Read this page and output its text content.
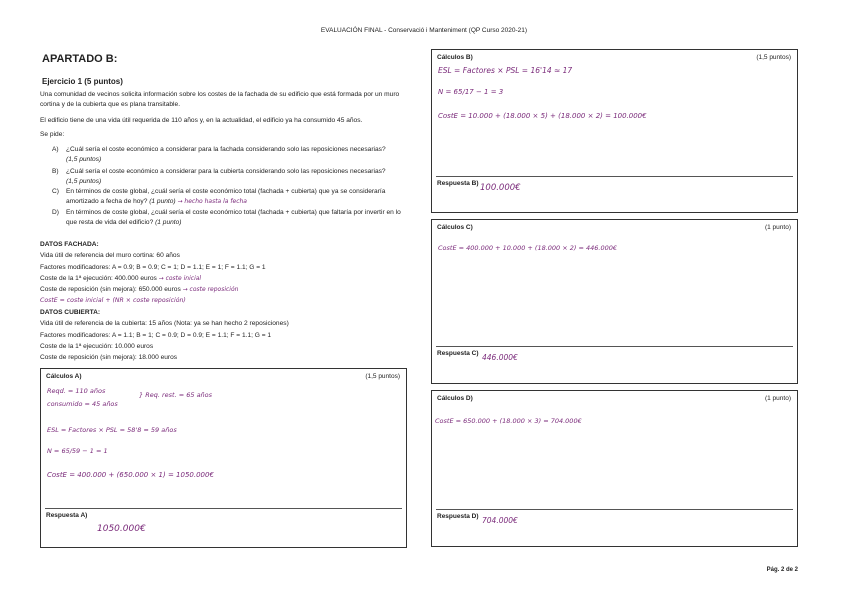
EVALUACIÓN FINAL - Conservació i Manteniment (QP Curso 2020-21)
APARTADO B:
Ejercicio 1 (5 puntos)
Una comunidad de vecinos solicita información sobre los costes de la fachada de su edificio que está formada por un muro cortina y de la cubierta que es plana transitable.
El edificio tiene de una vida útil requerida de 110 años y, en la actualidad, el edificio ya ha consumido 45 años.
Se pide:
A) ¿Cuál sería el coste económico a considerar para la fachada considerando solo las reposiciones necesarias?
(1,5 puntos)
B) ¿Cuál sería el coste económico a considerar para la cubierta considerando solo las reposiciones necesarias?
(1,5 puntos)
C) En términos de coste global, ¿cuál sería el coste económico total (fachada + cubierta) que ya se consideraría amortizado a fecha de hoy? (1 punto) → hecho hasta la fecha
D) En términos de coste global, ¿cuál sería el coste económico total (fachada + cubierta) que faltaría por invertir en lo que resta de vida del edificio? (1 punto)
DATOS FACHADA:
Vida útil de referencia del muro cortina: 60 años
Factores modificadores: A = 0.9; B = 0.9; C = 1; D = 1.1; E = 1; F = 1.1; G = 1
Coste de la 1ª ejecución: 400.000 euros → coste inicial
Coste de reposición (sin mejora): 650.000 euros → coste reposición
CostE = coste inicial + (NR × coste reposición)
DATOS CUBIERTA:
Vida útil de referencia de la cubierta: 15 años (Nota: ya se han hecho 2 reposiciones)
Factores modificadores: A = 1.1; B = 1; C = 0.9; D = 0.9; E = 1.1; F = 1.1; G = 1
Coste de la 1ª ejecución: 10.000 euros
Coste de reposición (sin mejora): 18.000 euros
Cálculos A)	(1,5 puntos)
Reqd. = 110 años
consumido = 45 años
} Req. rest. = 65 años
ESL = Factores × PSL = 58'8 ≈ 59 años
N = 65/59 − 1 = 1
CostE = 400.000 + (650.000 × 1) = 1050.000€
Respuesta A)
1050.000€
Cálculos B)	(1,5 puntos)
ESL = Factores × PSL = 16'14 ≈ 17
N = 65/17 − 1 = 3
CostE = 10.000 + (18.000 × 5) + (18.000 × 2) = 100.000€
Respuesta B) 100.000€
Cálculos C)	(1 punto)
CostE = 400.000 + 10.000 + (18.000 × 2) = 446.000€
Respuesta C) 446.000€
Cálculos D)	(1 punto)
CostE = 650.000 + (18.000 × 3) = 704.000€
Respuesta D) 704.000€
Pág. 2 de 2
